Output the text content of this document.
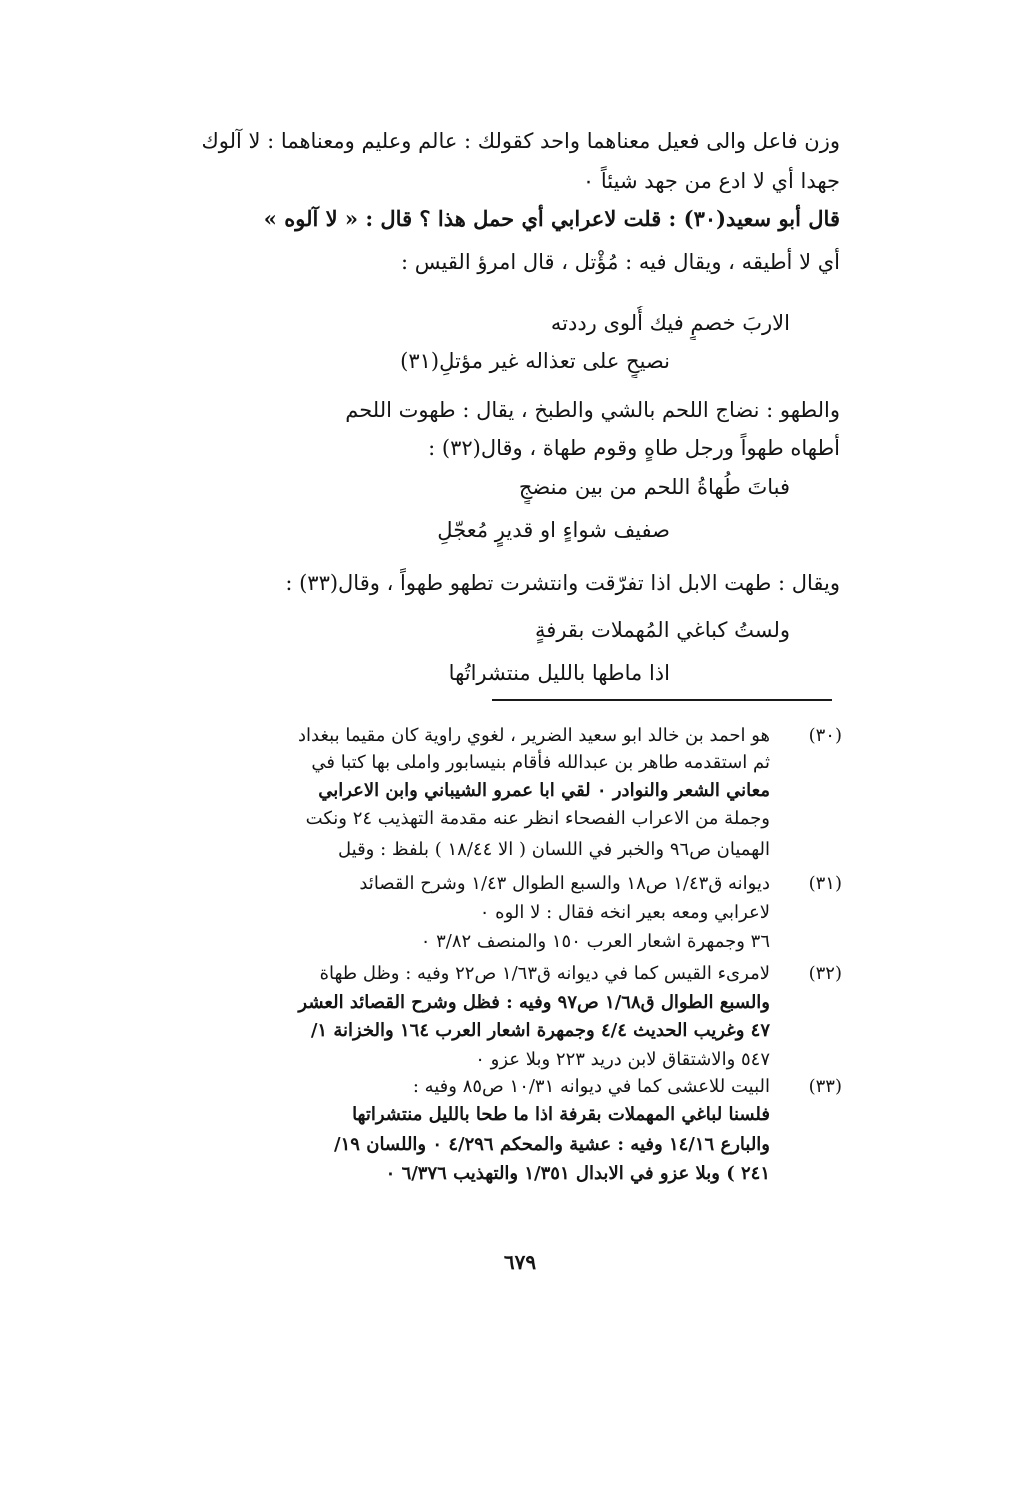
وزن فاعل والى فعيل معناهما واحد كقولك : عالم وعليم ومعناهما : لا آلوك
جهدا أي لا ادع من جهد شيئاً ٠
قال أبو سعيد(٣٠) : قلت لاعرابي أي حمل هذا ؟ قال : « لا آلوه »
أي لا أطيقه ، ويقال فيه : مُؤْتل ، قال امرؤ القيس :
الاربَ خصمٍ فيك أُلوى رددته
نصيحٍ على تعذاله غير مؤتلِ(٣١)
والطهو : نضاج اللحم بالشي والطبخ ، يقال : طهوت اللحم
أطهاه طهواً ورجل طاهٍ وقوم طهاة ، وقال(٣٢) :
فباتَ طُهاةُ اللحم من بين منضجٍ
صفيف شواءٍ او قديرٍ مُعجّلِ
ويقال : طهت الابل اذا تفرّقت وانتشرت تطهو طهواً ، وقال(٣٣) :
ولستُ كباغي المُهملات بقرفةٍ
اذا ماطها بالليل منتشراتُها
(٣٠)
(٣١)
(٣٢)
(٣٣)
هو احمد بن خالد ابو سعيد الضرير ، لغوي راوية كان مقيما ببغداد
ثم استقدمه طاهر بن عبدالله فأقام بنيسابور واملى بها كتبا في
معاني الشعر والنوادر ٠ لقي ابا عمرو الشيباني وابن الاعرابي
وجملة من الاعراب الفصحاء انظر عنه مقدمة التهذيب ٢٤ ونكت
الهميان ص٩٦ والخبر في اللسان ( الا ١٨/٤٤ ) بلفظ : وقيل
ديوانه ق١/٤٣ ص١٨ والسبع الطوال ١/٤٣ وشرح القصائد
لاعرابي ومعه بعير انخه فقال : لا الوه ٠
٣٦ وجمهرة اشعار العرب ١٥٠ والمنصف ٣/٨٢ ٠
لامرىء القيس كما في ديوانه ق١/٦٣ ص٢٢ وفيه : وظل طهاة
والسبع الطوال ق١/٦٨ ص٩٧ وفيه : فظل وشرح القصائد العشر
٤٧ وغريب الحديث ٤/٤ وجمهرة اشعار العرب ١٦٤ والخزانة ١/
٥٤٧ والاشتقاق لابن دريد ٢٢٣ وبلا عزو ٠
البيت للاعشى كما في ديوانه ١٠/٣١ ص٨٥ وفيه :
فلسنا لباغي المهملات بقرفة اذا ما طحا بالليل منتشراتها
والبارع ١٤/١٦ وفيه : عشية والمحكم ٤/٢٩٦ ٠ واللسان ١٩/
٢٤١ ) وبلا عزو في الابدال ١/٣٥١ والتهذيب ٦/٣٧٦ ٠
٦٧٩
